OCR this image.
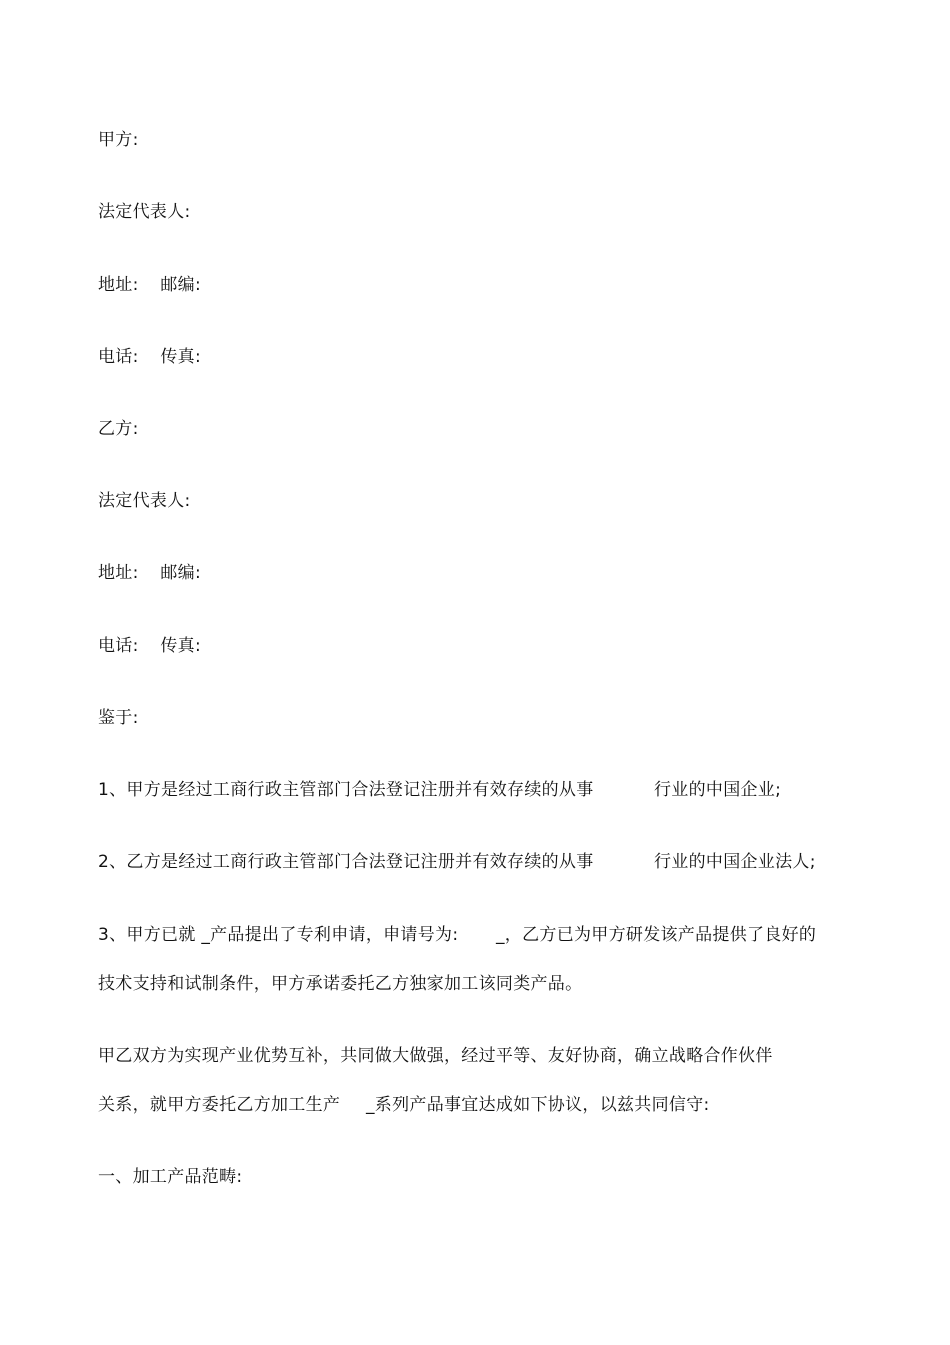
甲方:
法定代表人:
地址: 邮编:
电话: 传真:
乙方:
法定代表人:
地址: 邮编:
电话: 传真:
鉴于:
1、甲方是经过工商行政主管部门合法登记注册并有效存续的从事	行业的中国企业;
2、乙方是经过工商行政主管部门合法登记注册并有效存续的从事	行业的中国企业法人;
3、甲方已就 _产品提出了专利申请，申请号为: _，乙方已为甲方研发该产品提供了良好的
技术支持和试制条件，甲方承诺委托乙方独家加工该同类产品。
甲乙双方为实现产业优势互补，共同做大做强，经过平等、友好协商，确立战略合作伙伴
关系，就甲方委托乙方加工生产 _系列产品事宜达成如下协议，以兹共同信守:
一、加工产品范畴:
